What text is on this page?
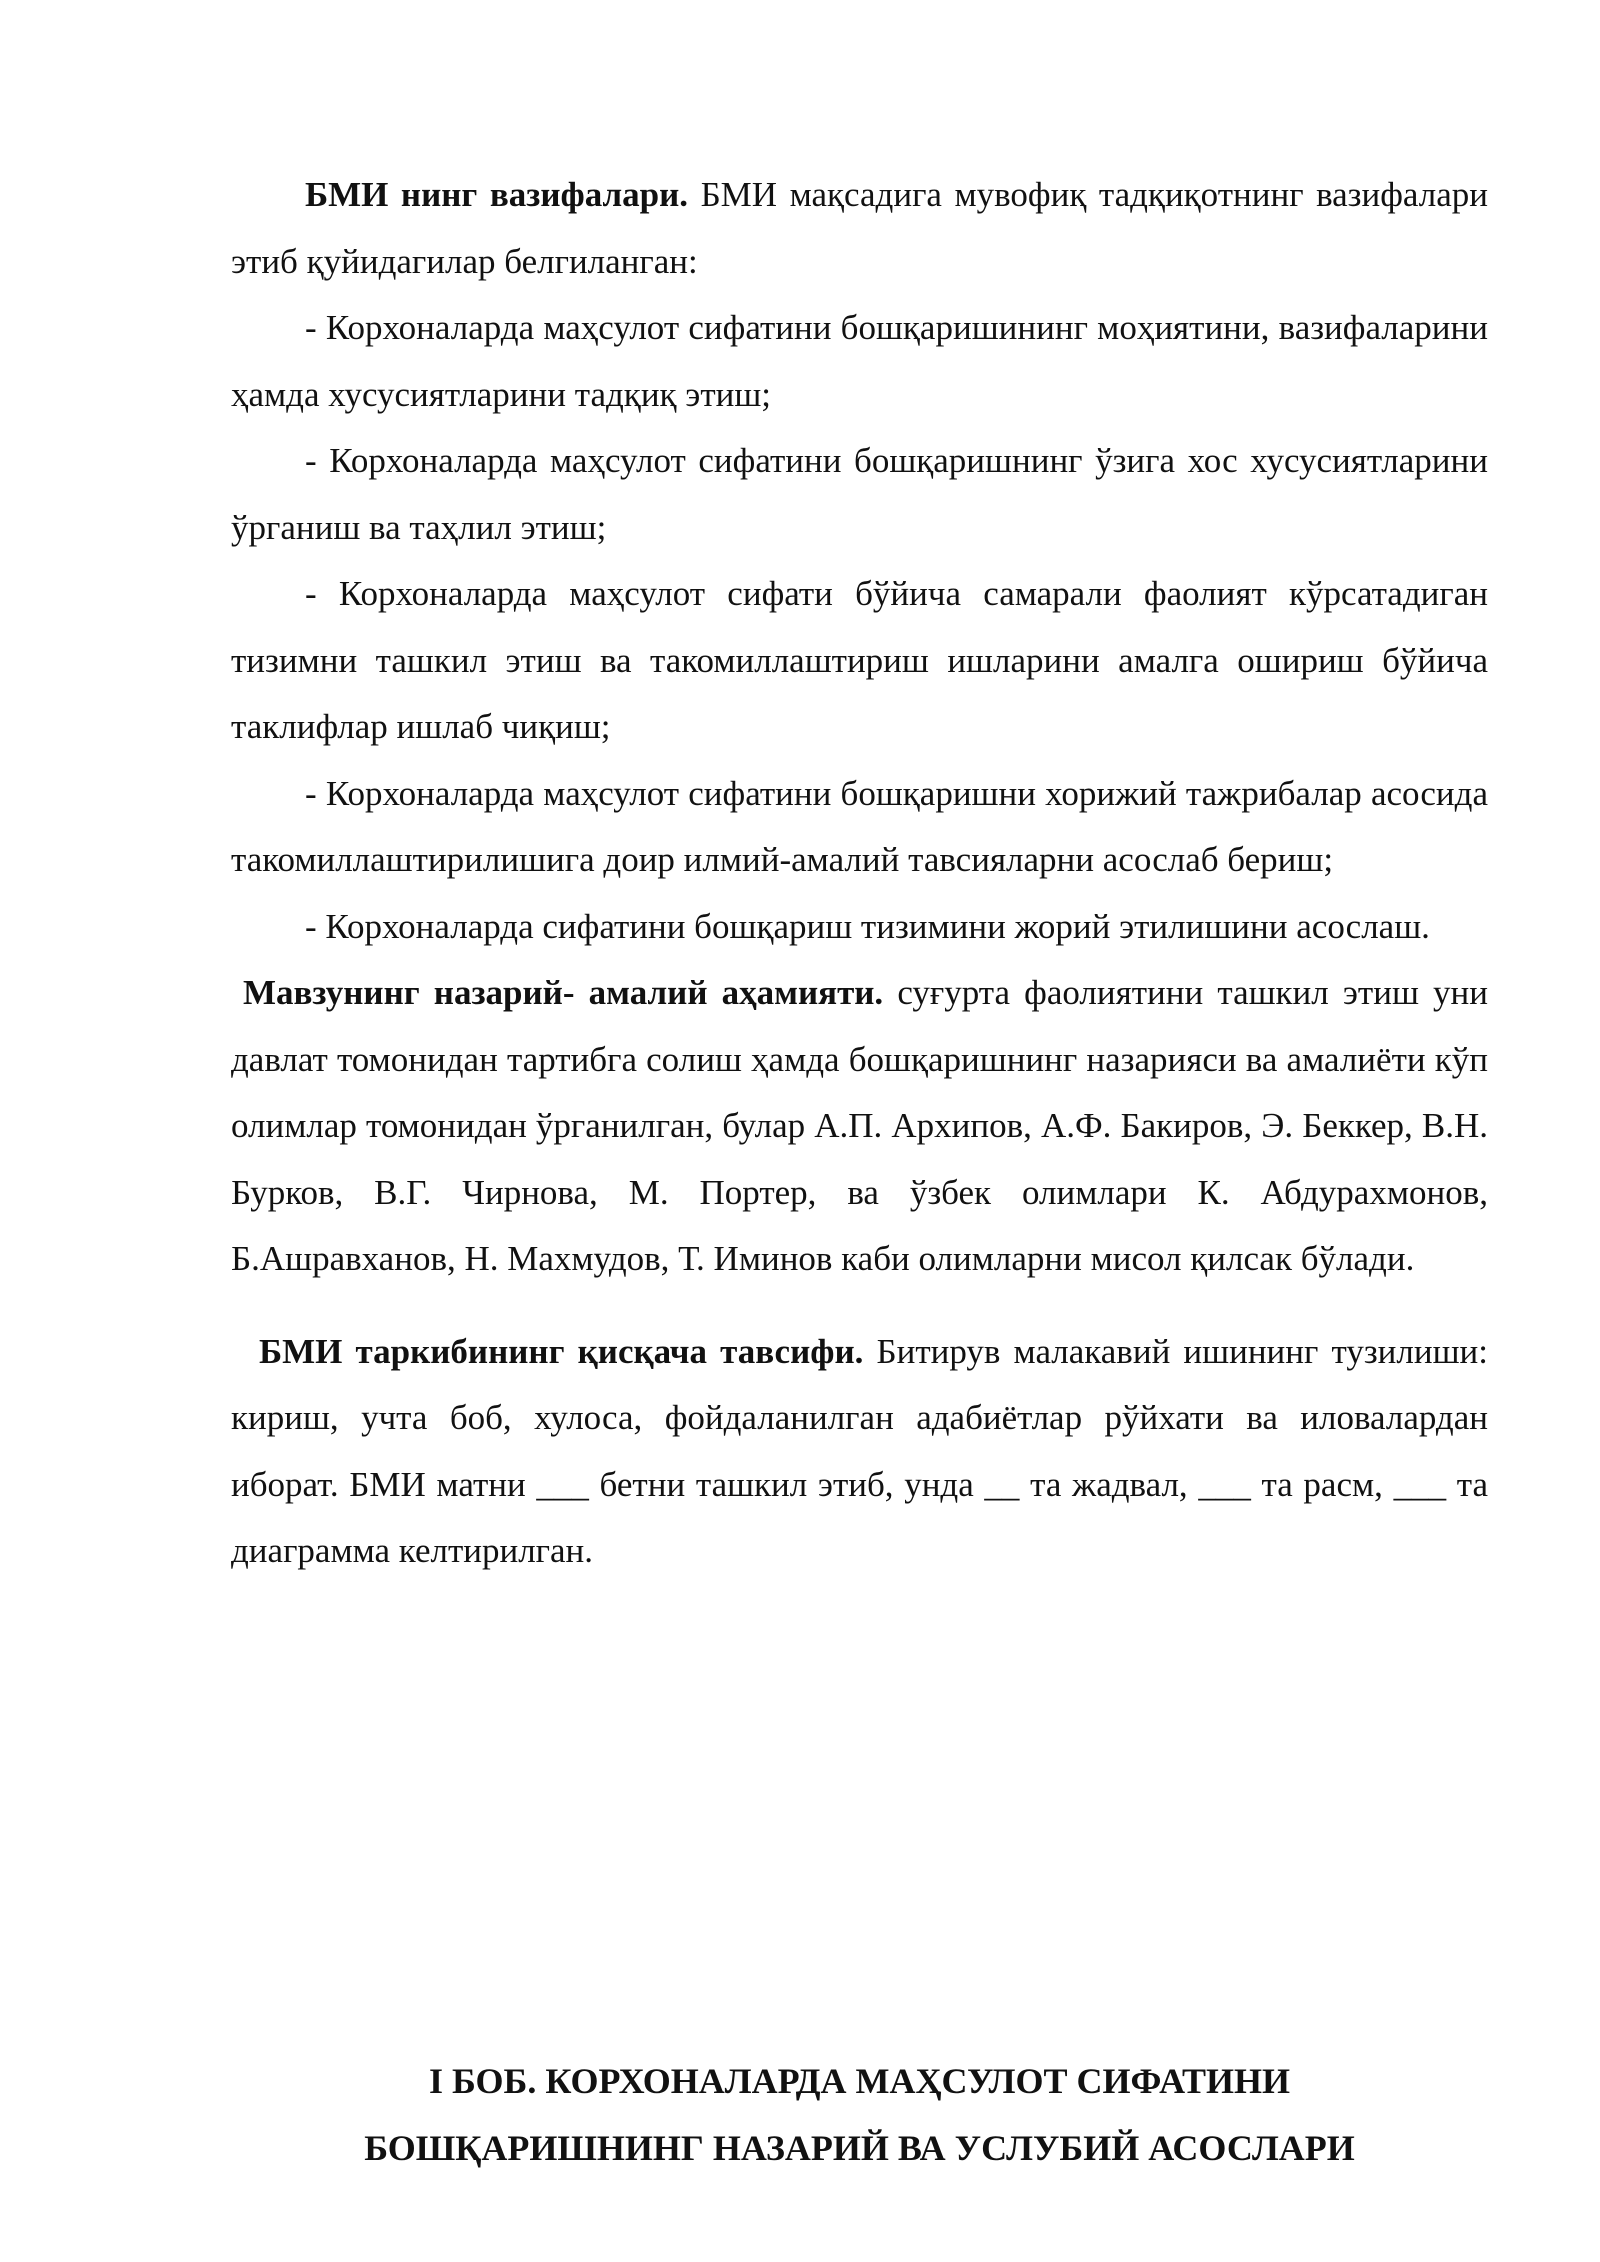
БМИ нинг вазифалари. БМИ мақсадига мувофиқ тадқиқотнинг вазифалари этиб қуйидагилар белгиланган:

- Корхоналарда маҳсулот сифатини бошқаришининг моҳиятини, вазифаларини ҳамда хусусиятларини тадқиқ этиш;

- Корхоналарда маҳсулот сифатини бошқаришнинг ўзига хос хусусиятларини ўрганиш ва таҳлил этиш;

- Корхоналарда маҳсулот сифати бўйича самарали фаолият кўрсатадиган тизимни ташкил этиш ва такомиллаштириш ишларини амалга ошириш бўйича таклифлар ишлаб чиқиш;

- Корхоналарда маҳсулот сифатини бошқаришни хорижий тажрибалар асосида такомиллаштирилишига доир илмий-амалий тавсияларни асослаб бериш;

- Корхоналарда сифатини бошқариш тизимини жорий этилишини асослаш.

Мавзунинг назарий- амалий аҳамияти. суғурта фаолиятини ташкил этиш уни давлат томонидан тартибга солиш ҳамда бошқаришнинг назарияси ва амалиёти кўп олимлар томонидан ўрганилган, булар А.П. Архипов, А.Ф. Бакиров, Э. Беккер, В.Н. Бурков, В.Г. Чирнова, М. Портер, ва ўзбек олимлари К. Абдурахмонов, Б.Ашравханов, Н. Махмудов, Т. Иминов каби олимларни мисол қилсак бўлади.

БМИ таркибининг қисқача тавсифи. Битирув малакавий ишининг тузилиши: кириш, учта боб, хулоса, фойдаланилган адабиётлар рўйхати ва иловалардан иборат. БМИ матни ___ бетни ташкил этиб, унда __ та жадвал, ___ та расм, ___ та диаграмма келтирилган.

I БОБ. КОРХОНАЛАРДА МАҲСУЛОТ СИФАТИНИ
БОШҚАРИШНИНГ НАЗАРИЙ ВА УСЛУБИЙ АСОСЛАРИ
